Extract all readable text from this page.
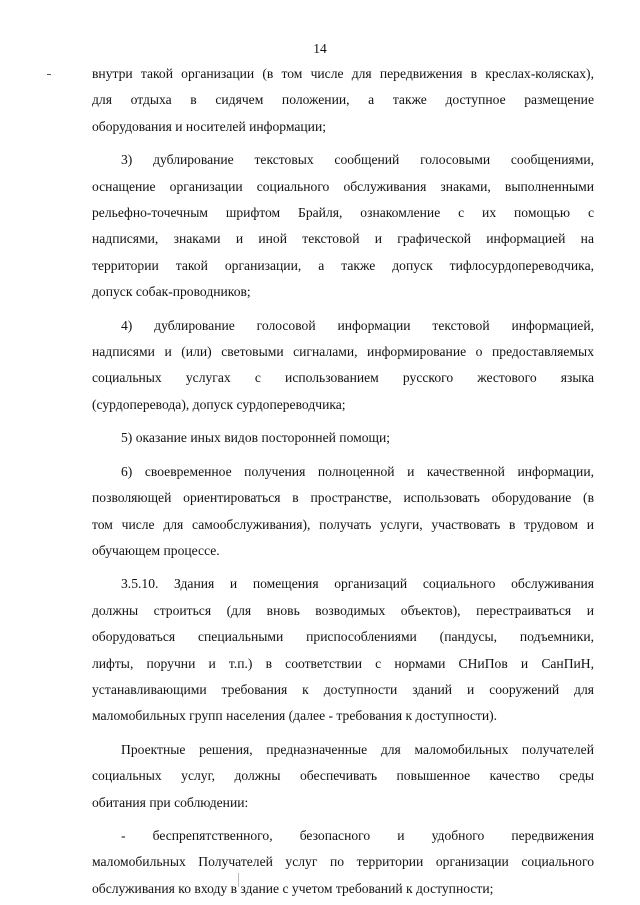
14
внутри такой организации (в том числе для передвижения в креслах-колясках),
для отдыха в сидячем положении, а также доступное размещение
оборудования и носителей информации;
3) дублирование текстовых сообщений голосовыми сообщениями,
оснащение организации социального обслуживания знаками, выполненными
рельефно-точечным шрифтом Брайля, ознакомление с их помощью с
надписями, знаками и иной текстовой и графической информацией на
территории такой организации, а также допуск тифлосурдопереводчика,
допуск собак-проводников;
4) дублирование голосовой информации текстовой информацией,
надписями и (или) световыми сигналами, информирование о предоставляемых
социальных услугах с использованием русского жестового языка
(сурдоперевода), допуск сурдопереводчика;
5) оказание иных видов посторонней помощи;
6) своевременное получения полноценной и качественной информации,
позволяющей ориентироваться в пространстве, использовать оборудование (в
том числе для самообслуживания), получать услуги, участвовать в трудовом и
обучающем процессе.
3.5.10. Здания и помещения организаций социального обслуживания
должны строиться (для вновь возводимых объектов), перестраиваться и
оборудоваться специальными приспособлениями (пандусы, подъемники,
лифты, поручни и т.п.) в соответствии с нормами СНиПов и СанПиН,
устанавливающими требования к доступности зданий и сооружений для
маломобильных групп населения (далее - требования к доступности).
Проектные решения, предназначенные для маломобильных получателей
социальных услуг, должны обеспечивать повышенное качество среды
обитания при соблюдении:
- беспрепятственного, безопасного и удобного передвижения
маломобильных Получателей услуг по территории организации социального
обслуживания ко входу в здание с учетом требований к доступности;
